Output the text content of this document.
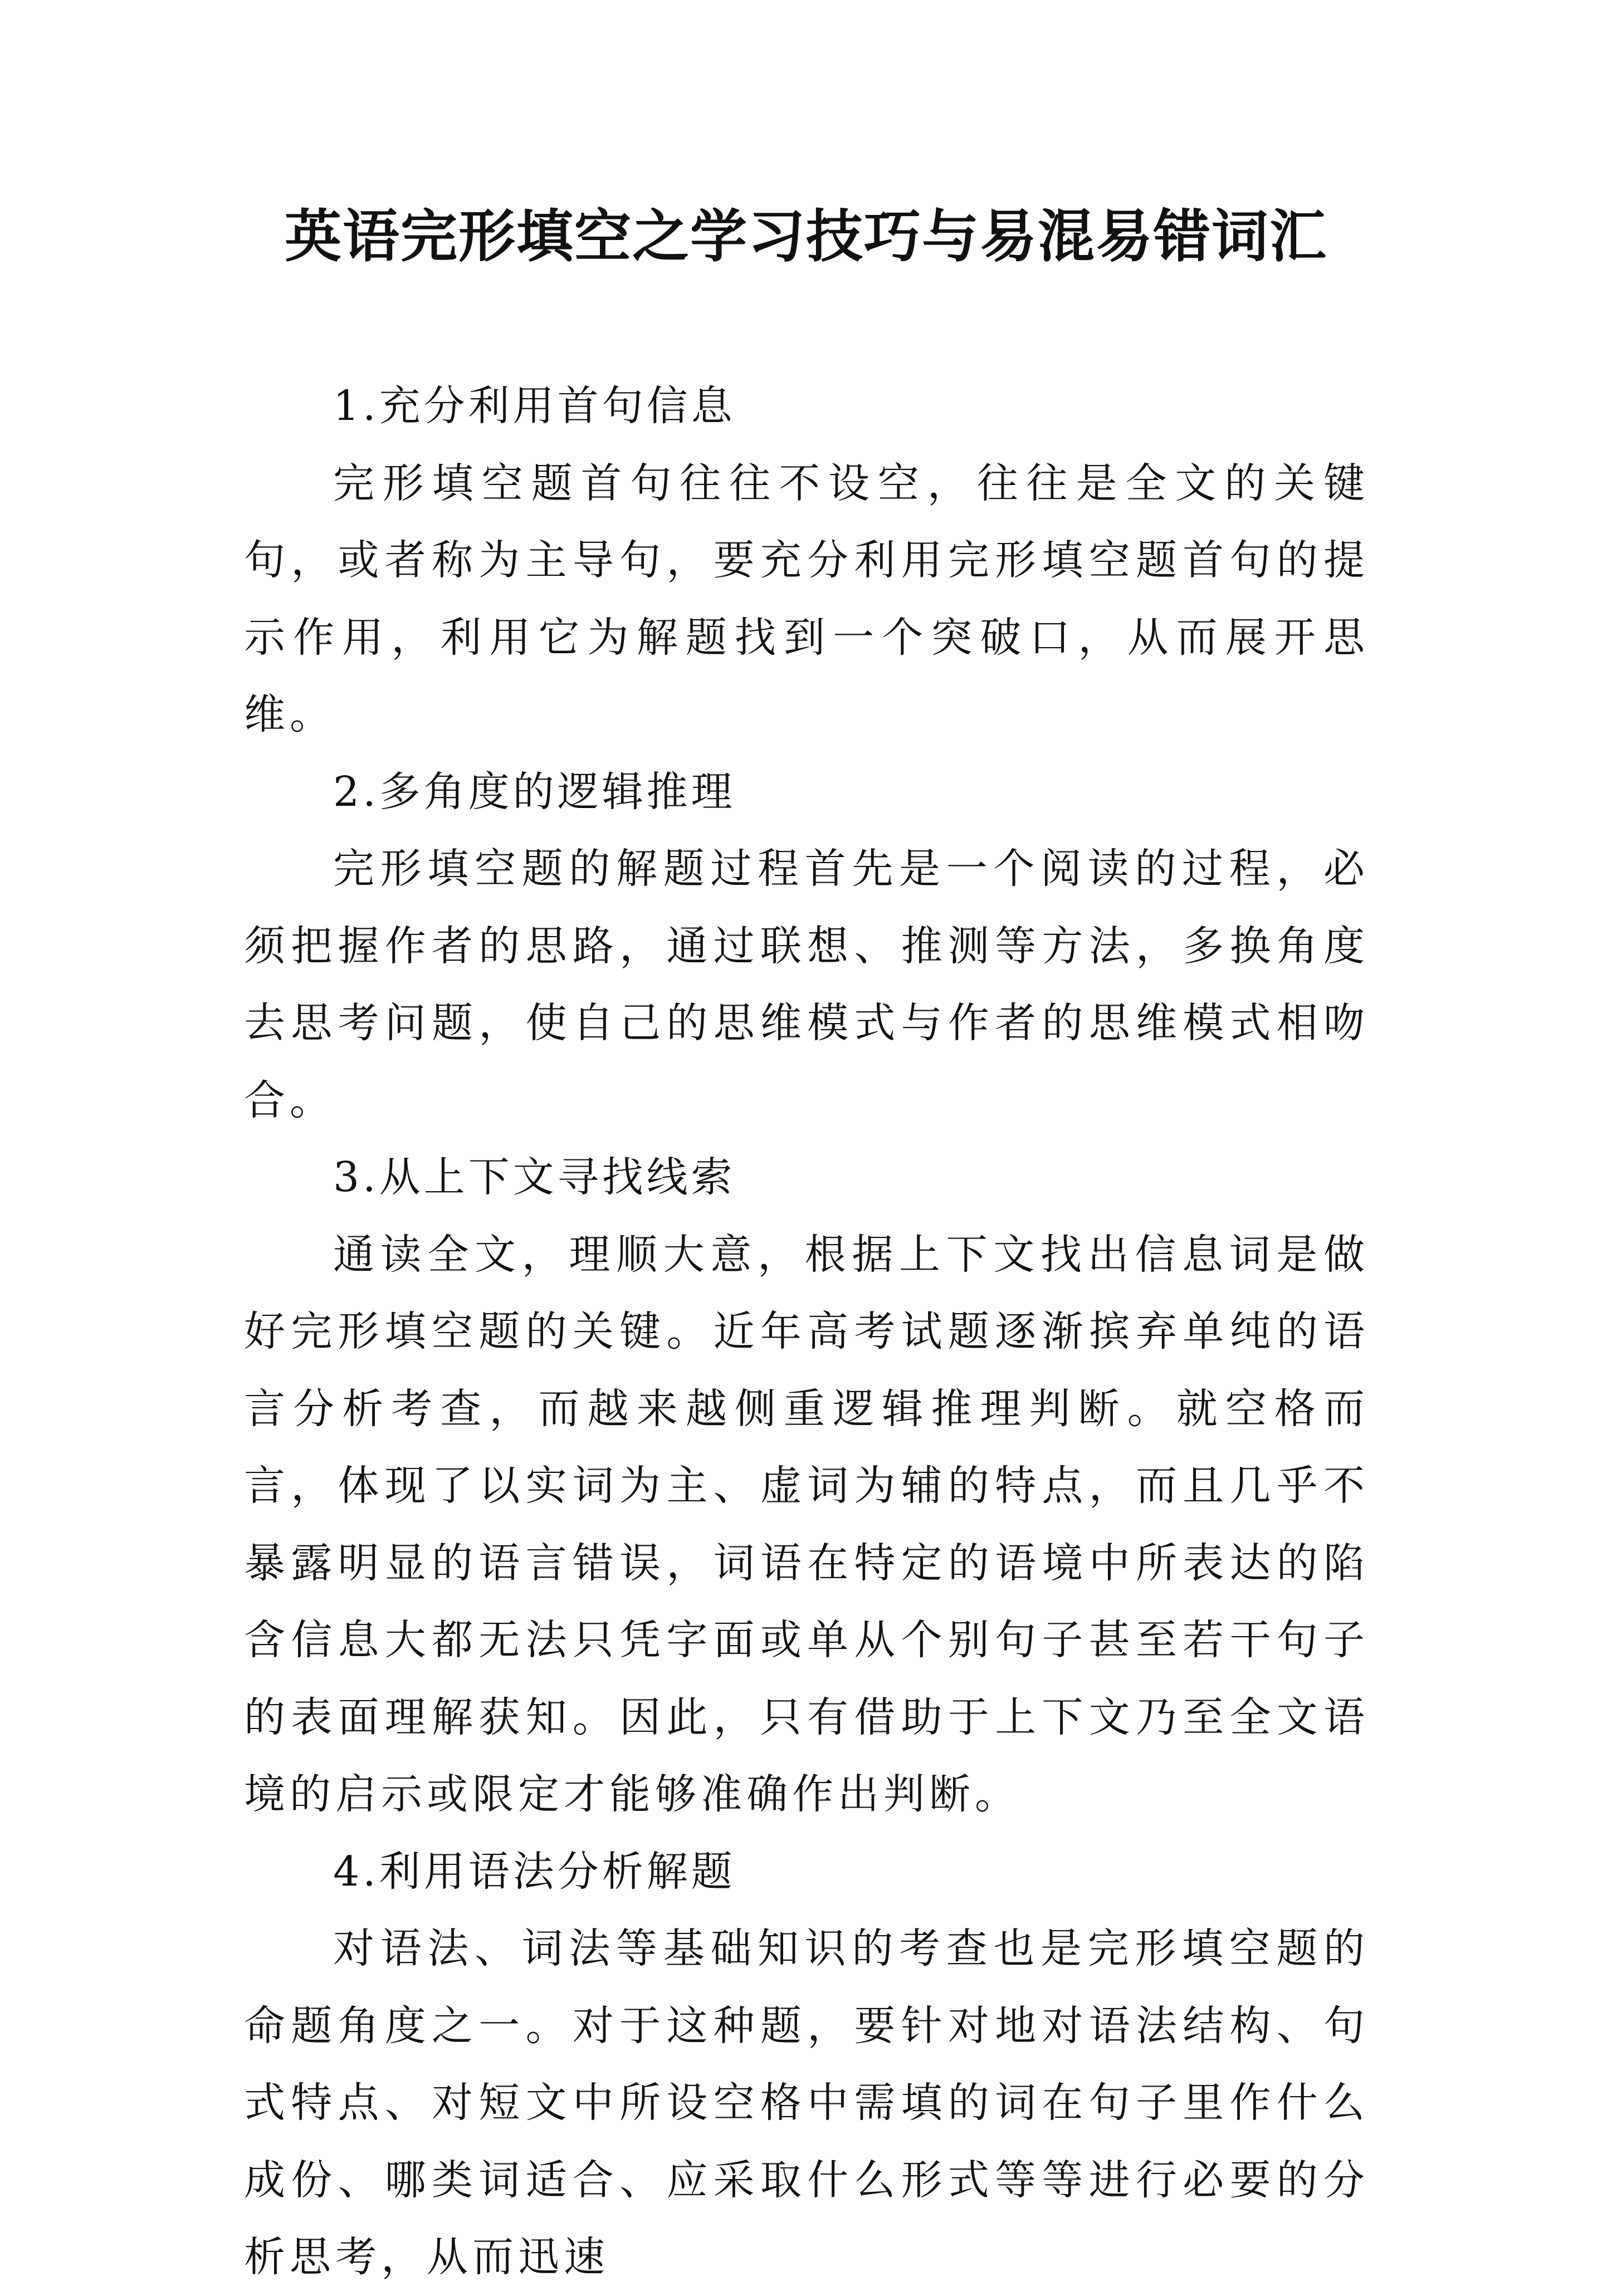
英语完形填空之学习技巧与易混易错词汇

1.充分利用首句信息

完形填空题首句往往不设空，往往是全文的关键句，或者称为主导句，要充分利用完形填空题首句的提示作用，利用它为解题找到一个突破口，从而展开思维。

2.多角度的逻辑推理

完形填空题的解题过程首先是一个阅读的过程，必须把握作者的思路，通过联想、推测等方法，多换角度去思考问题，使自己的思维模式与作者的思维模式相吻合。

3.从上下文寻找线索

通读全文，理顺大意，根据上下文找出信息词是做好完形填空题的关键。近年高考试题逐渐摈弃单纯的语言分析考查，而越来越侧重逻辑推理判断。就空格而言，体现了以实词为主、虚词为辅的特点，而且几乎不暴露明显的语言错误，词语在特定的语境中所表达的陷含信息大都无法只凭字面或单从个别句子甚至若干句子的表面理解获知。因此，只有借助于上下文乃至全文语境的启示或限定才能够准确作出判断。

4.利用语法分析解题

对语法、词法等基础知识的考查也是完形填空题的命题角度之一。对于这种题，要针对地对语法结构、句式特点、对短文中所设空格中需填的词在句子里作什么成份、哪类词适合、应采取什么形式等等进行必要的分析思考，从而迅速
